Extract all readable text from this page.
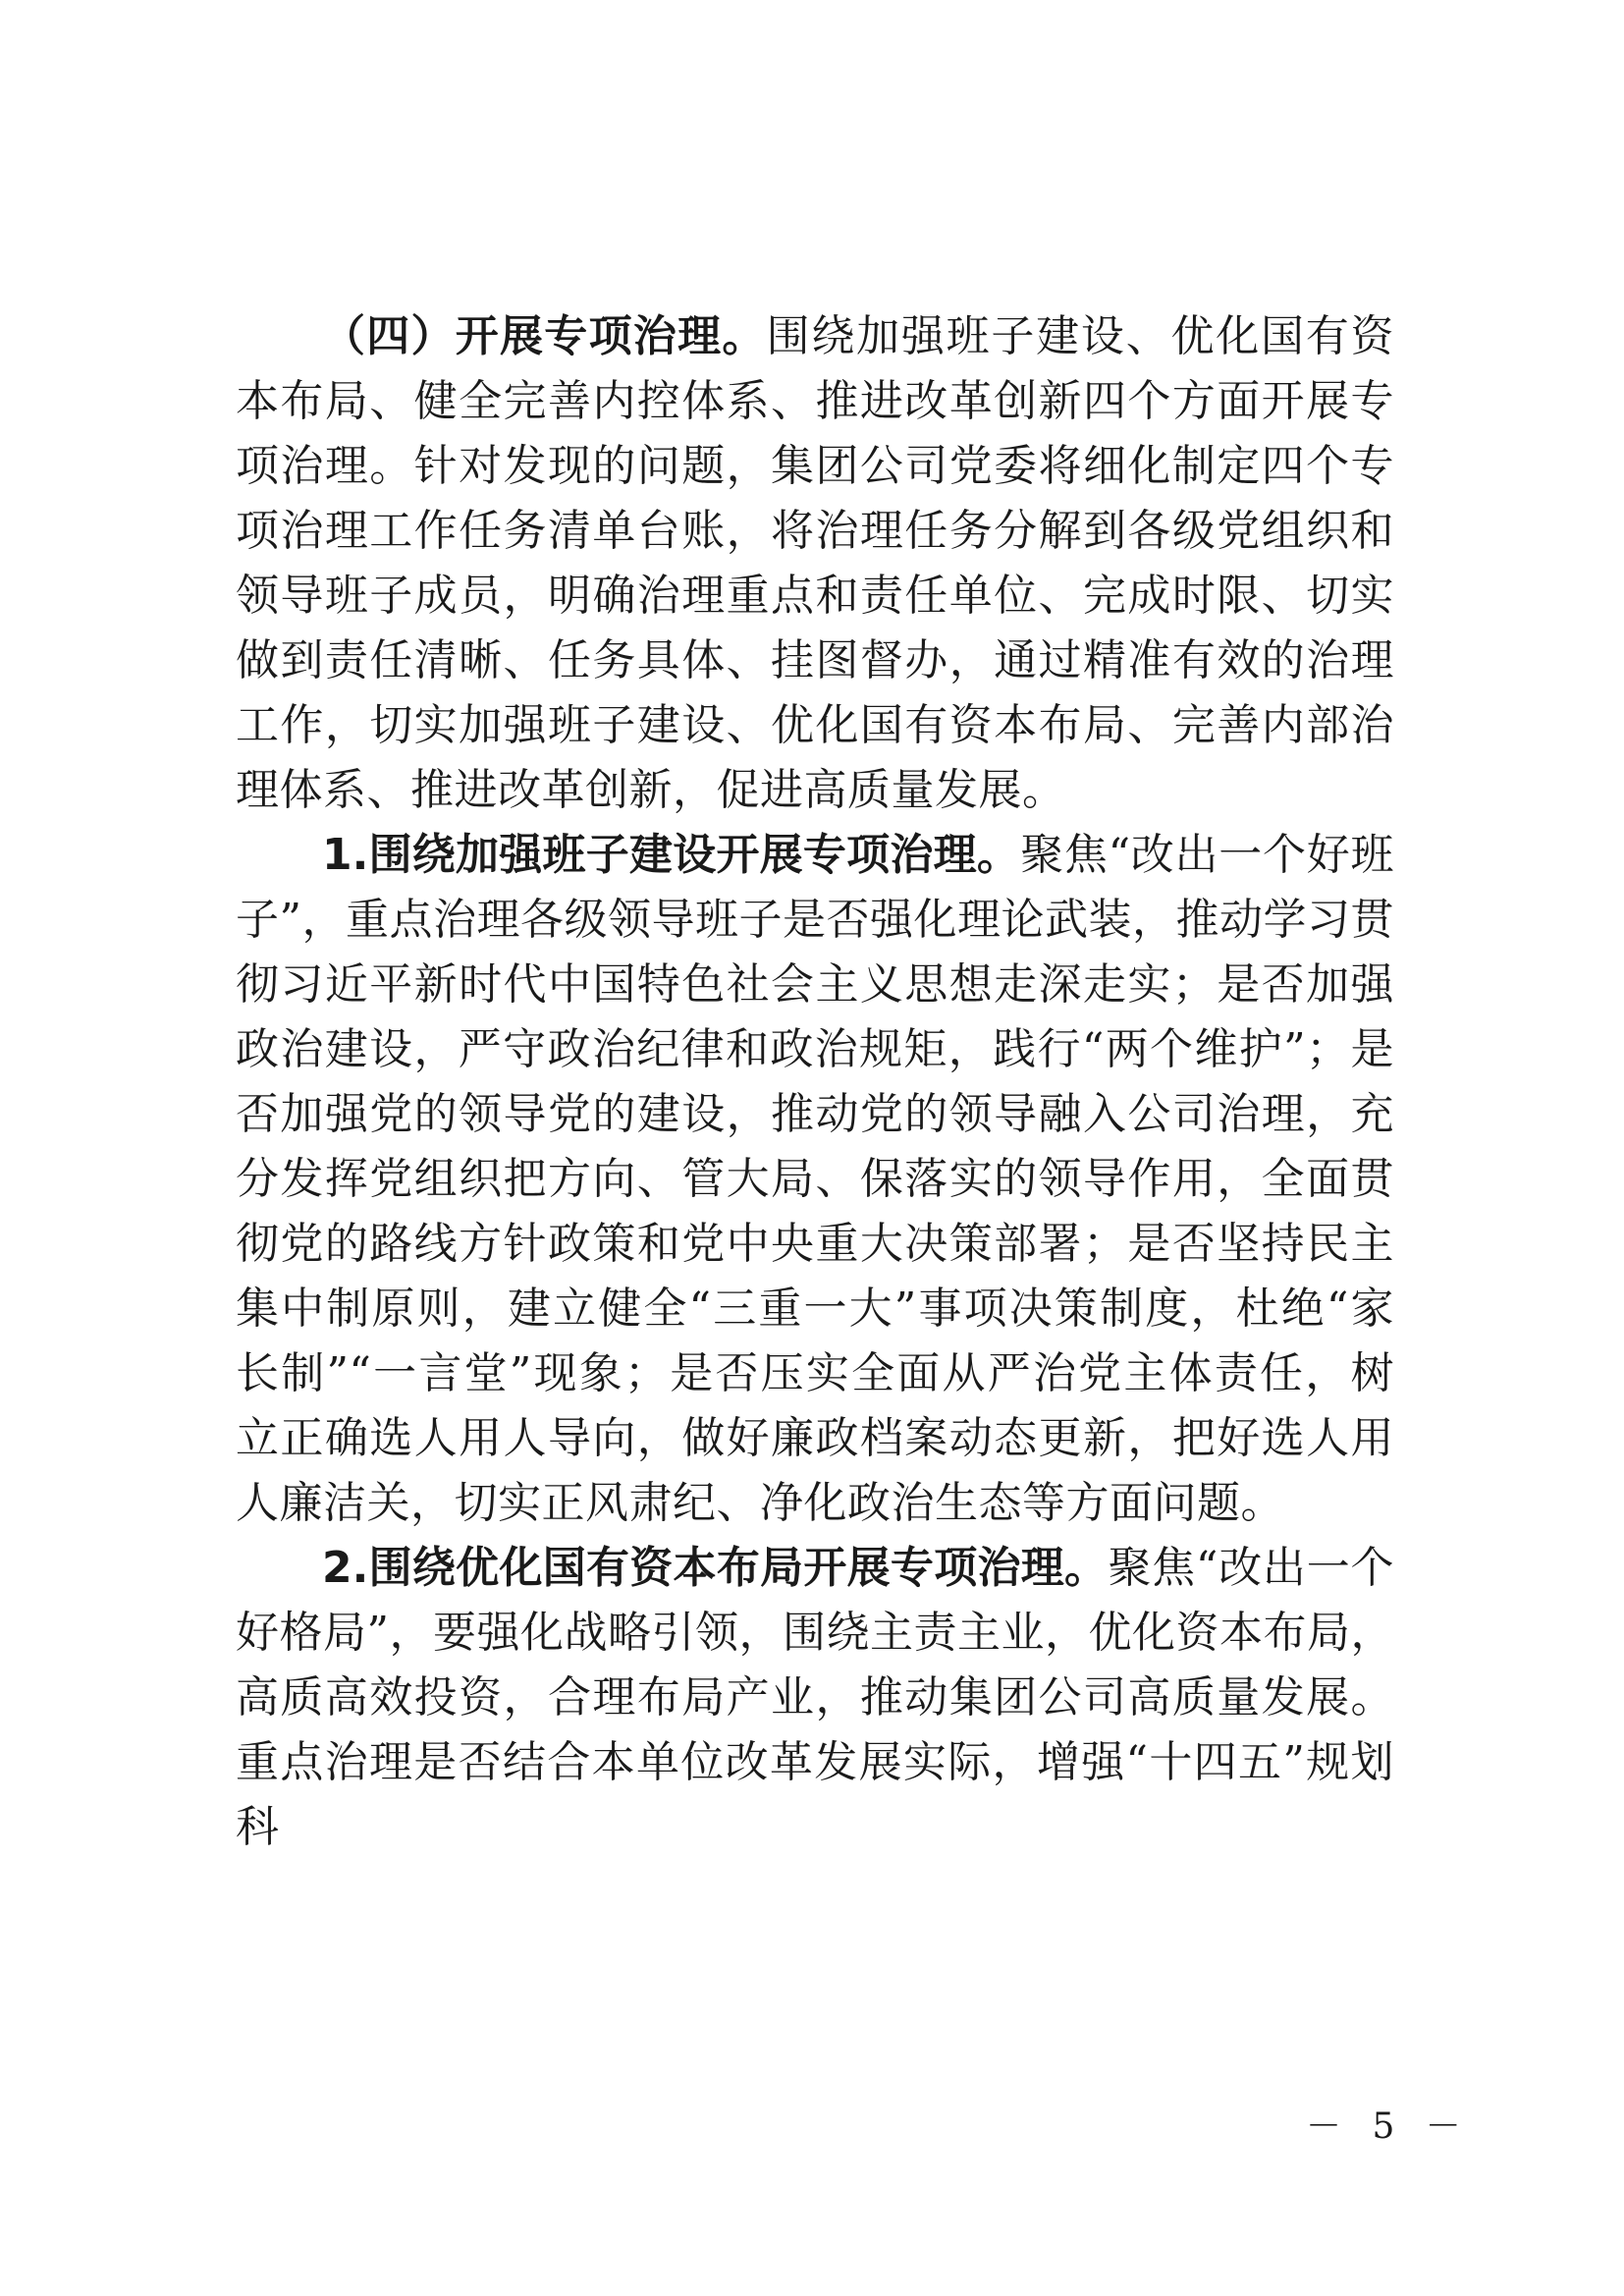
（四）开展专项治理。围绕加强班子建设、优化国有资本布局、健全完善内控体系、推进改革创新四个方面开展专项治理。针对发现的问题，集团公司党委将细化制定四个专项治理工作任务清单台账，将治理任务分解到各级党组织和领导班子成员，明确治理重点和责任单位、完成时限、切实做到责任清晰、任务具体、挂图督办，通过精准有效的治理工作，切实加强班子建设、优化国有资本布局、完善内部治理体系、推进改革创新，促进高质量发展。

1.围绕加强班子建设开展专项治理。聚焦“改出一个好班子”，重点治理各级领导班子是否强化理论武装，推动学习贯彻习近平新时代中国特色社会主义思想走深走实；是否加强政治建设，严守政治纪律和政治规矩，践行“两个维护”；是否加强党的领导党的建设，推动党的领导融入公司治理，充分发挥党组织把方向、管大局、保落实的领导作用，全面贯彻党的路线方针政策和党中央重大决策部署；是否坚持民主集中制原则，建立健全“三重一大”事项决策制度，杜绝“家长制”“一言堂”现象；是否压实全面从严治党主体责任，树立正确选人用人导向，做好廉政档案动态更新，把好选人用人廉洁关，切实正风肃纪、净化政治生态等方面问题。

2.围绕优化国有资本布局开展专项治理。聚焦“改出一个好格局”，要强化战略引领，围绕主责主业，优化资本布局，高质高效投资，合理布局产业，推动集团公司高质量发展。重点治理是否结合本单位改革发展实际，增强“十四五”规划科

－ 5 －
